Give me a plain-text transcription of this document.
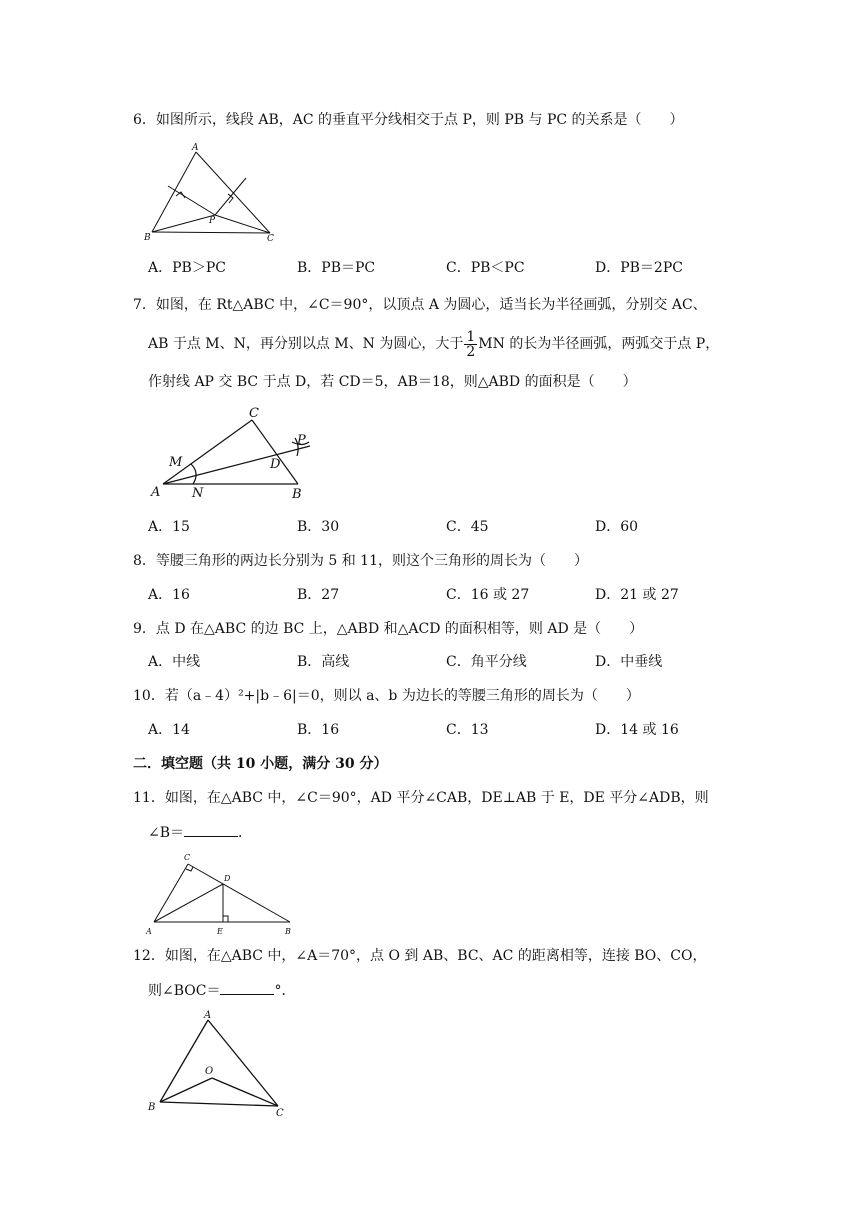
6．如图所示，线段 AB，AC 的垂直平分线相交于点 P，则 PB 与 PC 的关系是（　　）
A
B	C
P
A．PB＞PC	B．PB＝PC	C．PB＜PC	D．PB＝2PC
7．如图，在 Rt△ABC 中，∠C＝90°，以顶点 A 为圆心，适当长为半径画弧，分别交 AC、
AB 于点 M、N，再分别以点 M、N 为圆心，大于 $\frac{1}{2}$ MN 的长为半径画弧，两弧交于点 P，
作射线 AP 交 BC 于点 D，若 CD＝5，AB＝18，则△ABD 的面积是（　　）
A	B
C
D
M
N
P
A．15	B．30	C．45	D．60
8．等腰三角形的两边长分别为 5 和 11，则这个三角形的周长为（　　）
A．16	B．27	C．16 或 27	D．21 或 27
9．点 D 在△ABC 的边 BC 上，△ABD 和△ACD 的面积相等，则 AD 是（　　）
A．中线	B．高线	C．角平分线	D．中垂线
10．若（a﹣4）²+|b﹣6|＝0，则以 a、b 为边长的等腰三角形的周长为（　　）
A．14	B．16	C．13	D．14 或 16
二．填空题（共 10 小题，满分 30 分）
11．如图，在△ABC 中，∠C＝90°，AD 平分∠CAB，DE⊥AB 于 E，DE 平分∠ADB，则
∠B＝	．
A	B
C
D
E
12．如图，在△ABC 中，∠A＝70°，点 O 到 AB、BC、AC 的距离相等，连接 BO、CO，
则∠BOC＝	°．
A
B
C
O
